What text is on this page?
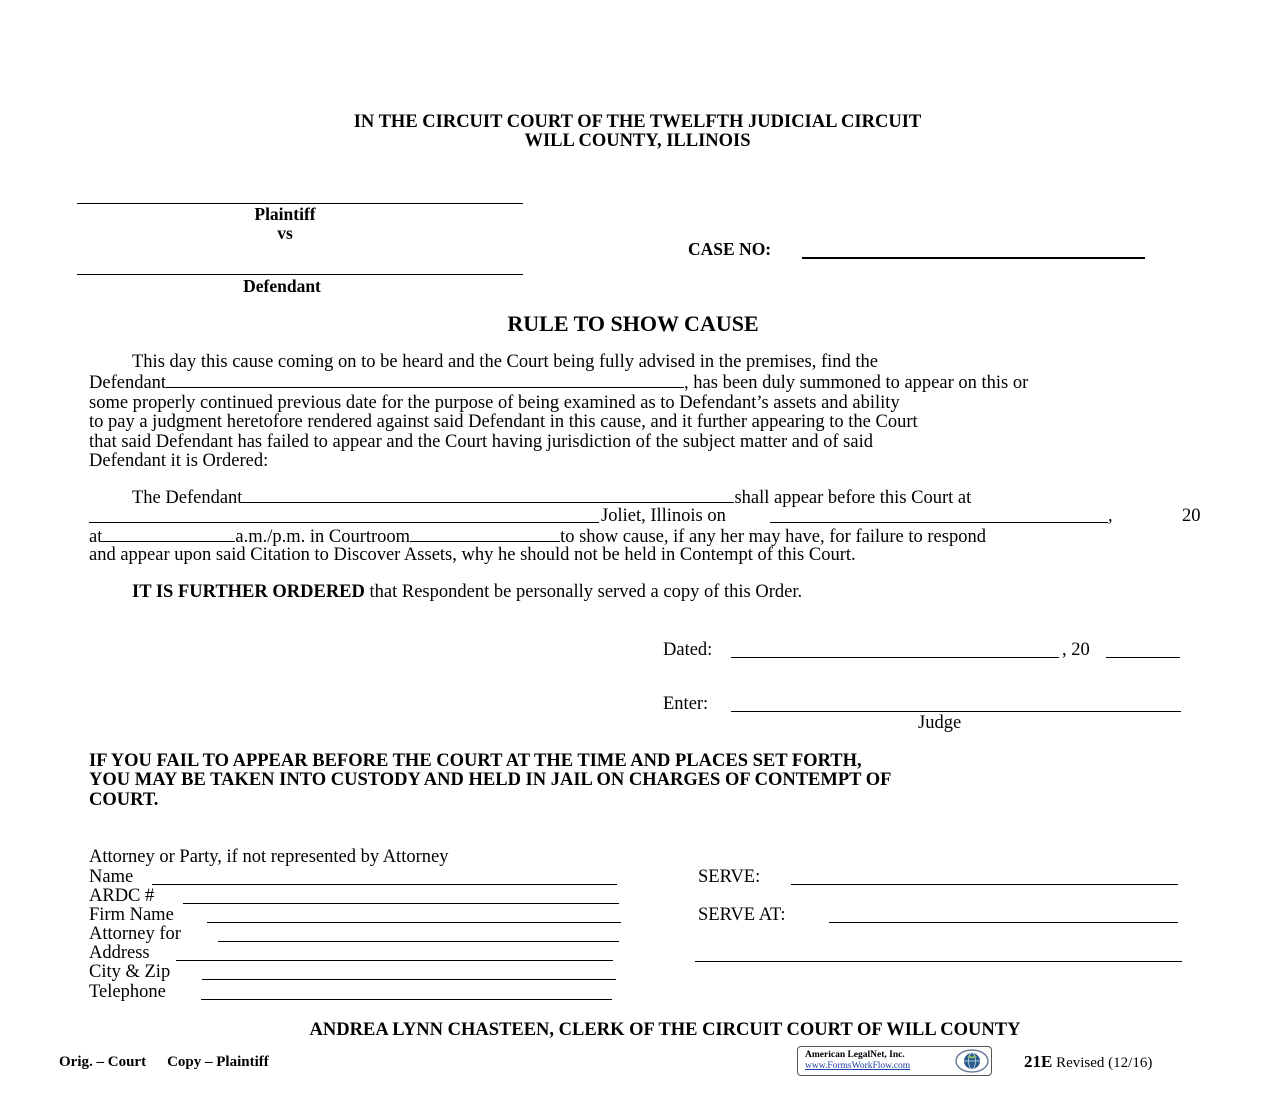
IN THE CIRCUIT COURT OF THE TWELFTH JUDICIAL CIRCUIT
WILL COUNTY, ILLINOIS
Plaintiff
vs
Defendant
CASE NO:
RULE TO SHOW CAUSE
This day this cause coming on to be heard and the Court being fully advised in the premises, find the
Defendant	, has been duly summoned to appear on this or
some properly continued previous date for the purpose of being examined as to Defendant’s assets and ability
to pay a judgment heretofore rendered against said Defendant in this cause, and it further appearing to the Court
that said Defendant has failed to appear and the Court having jurisdiction of the subject matter and of said
Defendant it is Ordered:
The Defendant	shall appear before this Court at
Joliet, Illinois on	,	20
at	a.m./p.m. in Courtroom	to show cause, if any her may have, for failure to respond
and appear upon said Citation to Discover Assets, why he should not be held in Contempt of this Court.
IT IS FURTHER ORDERED that Respondent be personally served a copy of this Order.
Dated:	, 20
Enter:
Judge
IF YOU FAIL TO APPEAR BEFORE THE COURT AT THE TIME AND PLACES SET FORTH,
YOU MAY BE TAKEN INTO CUSTODY AND HELD IN JAIL ON CHARGES OF CONTEMPT OF
COURT.
Attorney or Party, if not represented by Attorney
Name
ARDC #
Firm Name
Attorney for
Address
City & Zip
Telephone
SERVE:
SERVE AT:
ANDREA LYNN CHASTEEN, CLERK OF THE CIRCUIT COURT OF WILL COUNTY
Orig. – Court Copy – Plaintiff	American LegalNet, Inc.
www.FormsWorkFlow.com	21E Revised (12/16)
